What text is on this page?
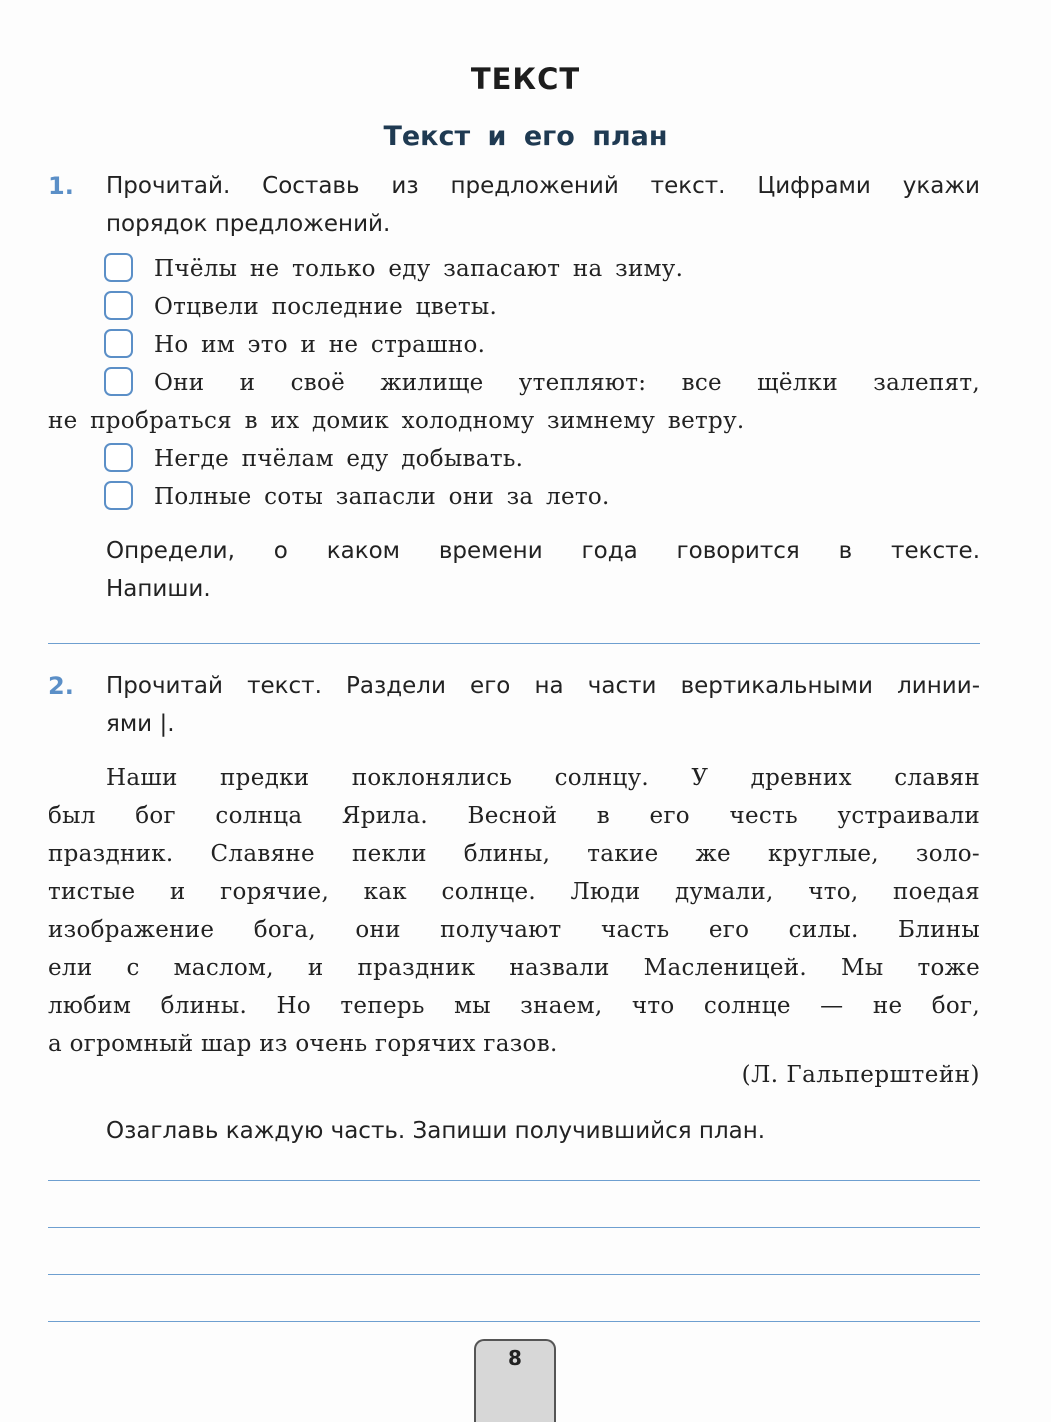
ТЕКСТ
Текст и его план
1. Прочитай. Составь из предложений текст. Цифрами укажи
порядок предложений.
Пчёлы не только еду запасают на зиму.
Отцвели последние цветы.
Но им это и не страшно.
Они и своё жилище утепляют: все щёлки залепят,
не пробраться в их домик холодному зимнему ветру.
Негде пчёлам еду добывать.
Полные соты запасли они за лето.
Определи, о каком времени года говорится в тексте.
Напиши.
2. Прочитай текст. Раздели его на части вертикальными линии-
ями |.
Наши предки поклонялись солнцу. У древних славян
был бог солнца Ярила. Весной в его честь устраивали
праздник. Славяне пекли блины, такие же круглые, золо-
тистые и горячие, как солнце. Люди думали, что, поедая
изображение бога, они получают часть его силы. Блины
ели с маслом, и праздник назвали Масленицей. Мы тоже
любим блины. Но теперь мы знаем, что солнце — не бог,
а огромный шар из очень горячих газов.
(Л. Гальперштейн)
Озаглавь каждую часть. Запиши получившийся план.
8
